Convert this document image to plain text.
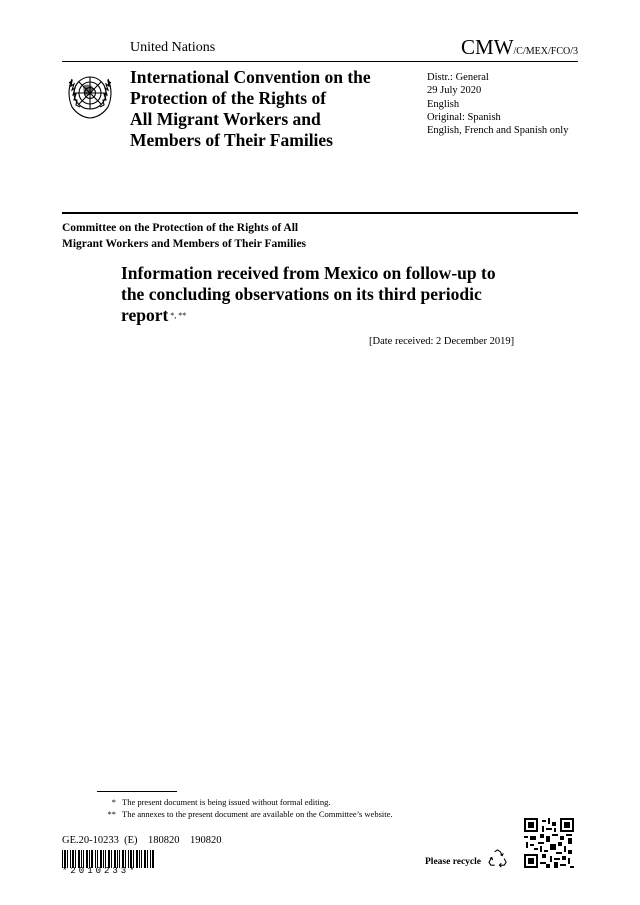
United Nations	CMW/C/MEX/FCO/3
International Convention on the
Protection of the Rights of
All Migrant Workers and
Members of Their Families
Distr.: General
29 July 2020
English
Original: Spanish
English, French and Spanish only
Committee on the Protection of the Rights of All
Migrant Workers and Members of Their Families
Information received from Mexico on follow-up to
the concluding observations on its third periodic
report *, **
[Date received: 2 December 2019]
* The present document is being issued without formal editing.
** The annexes to the present document are available on the Committee’s website.
GE.20-10233  (E)    180820    190820
*2010233*
Please recycle
